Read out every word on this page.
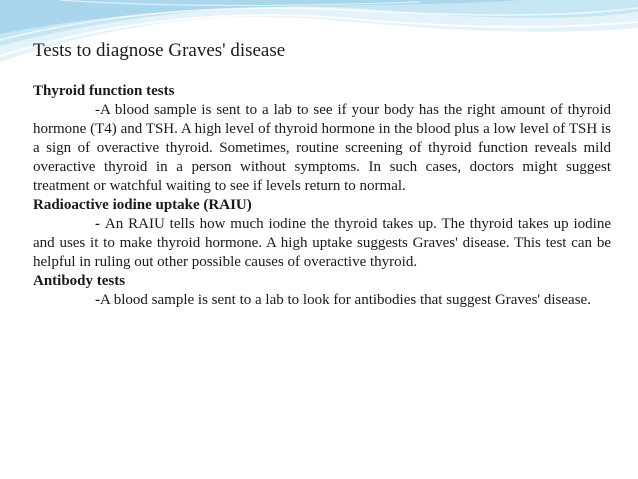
Tests to diagnose Graves' disease

Thyroid function tests

-A blood sample is sent to a lab to see if your body has the right amount of thyroid hormone (T4) and TSH. A high level of thyroid hormone in the blood plus a low level of TSH is a sign of overactive thyroid. Sometimes, routine screening of thyroid function reveals mild overactive thyroid in a person without symptoms. In such cases, doctors might suggest treatment or watchful waiting to see if levels return to normal.

Radioactive iodine uptake (RAIU)

- An RAIU tells how much iodine the thyroid takes up. The thyroid takes up iodine and uses it to make thyroid hormone. A high uptake suggests Graves' disease. This test can be helpful in ruling out other possible causes of overactive thyroid.

Antibody tests

-A blood sample is sent to a lab to look for antibodies that suggest Graves' disease.
